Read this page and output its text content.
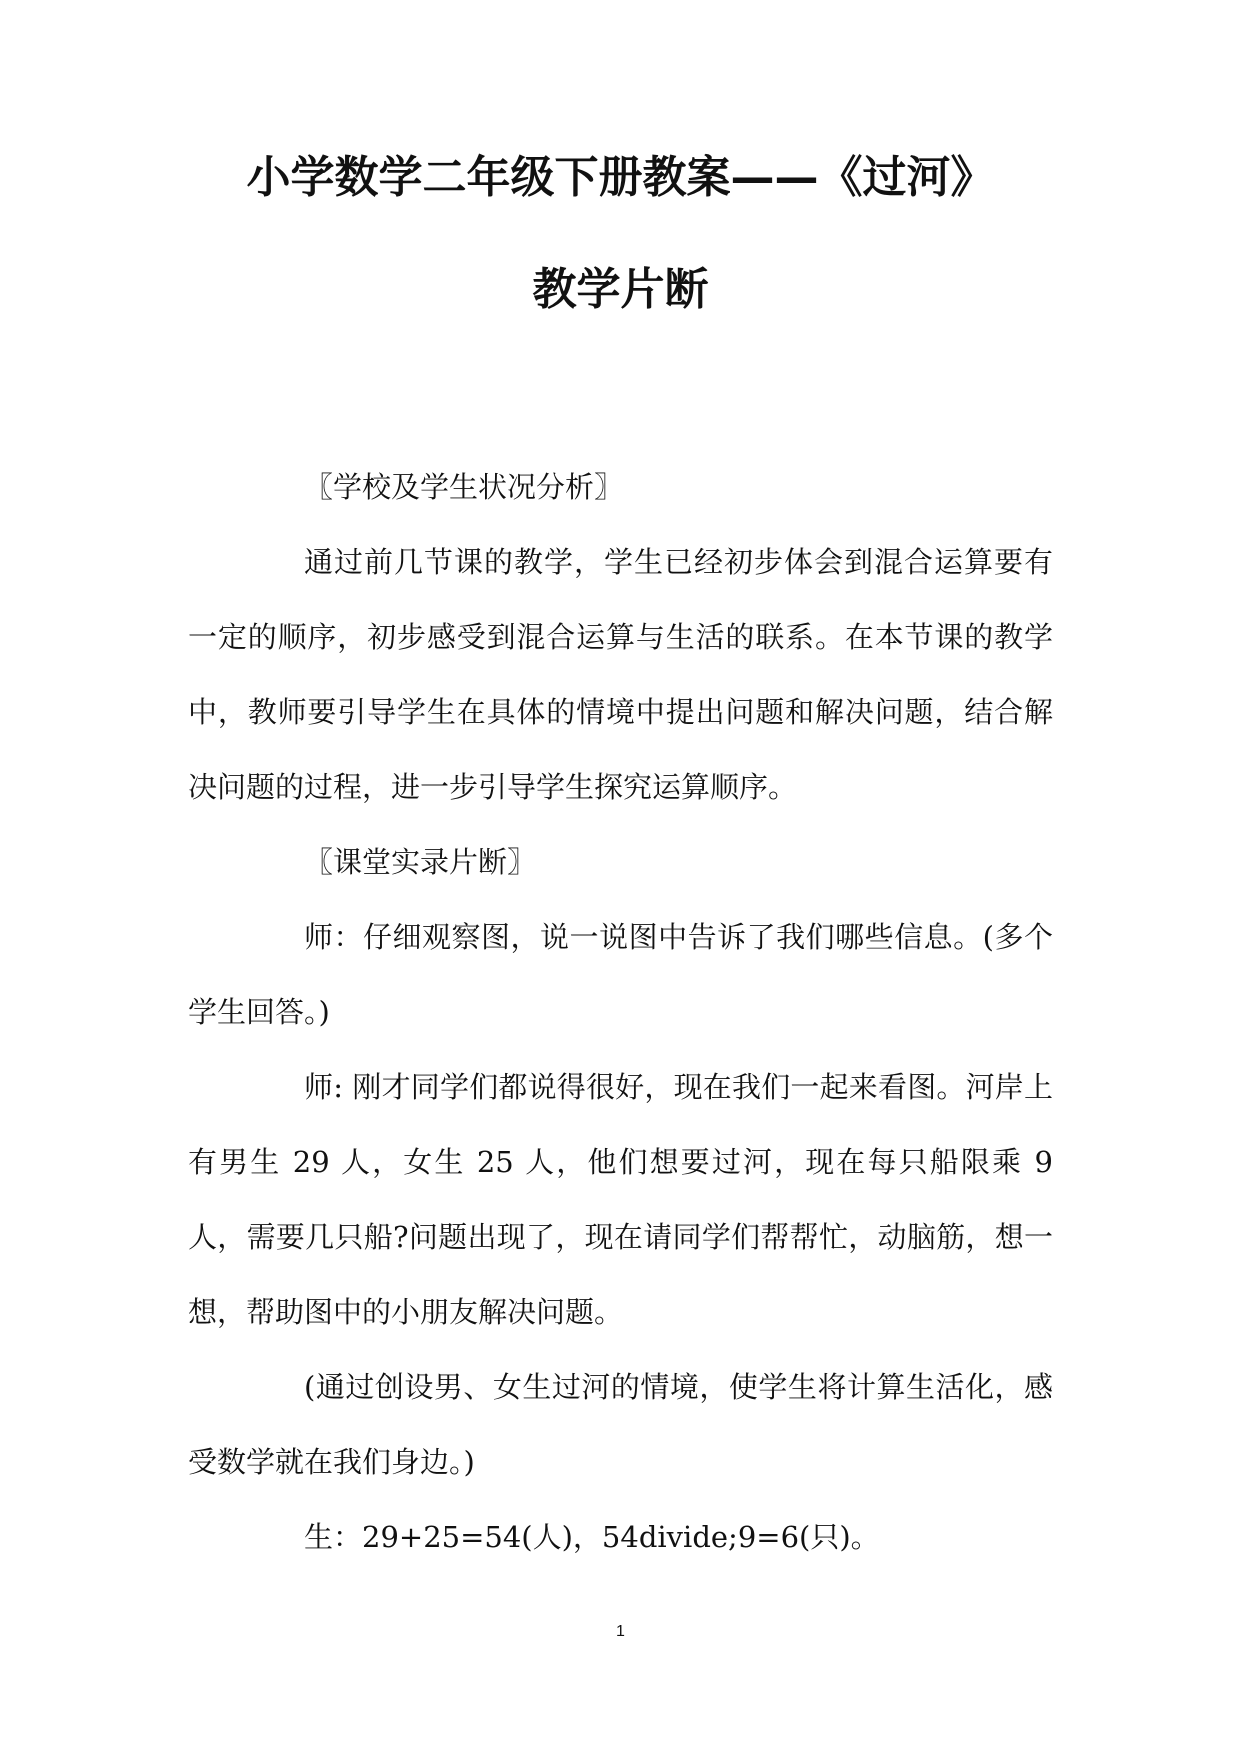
小学数学二年级下册教案——《过河》
教学片断

〖学校及学生状况分析〗

通过前几节课的教学，学生已经初步体会到混合运算要有一定的顺序，初步感受到混合运算与生活的联系。在本节课的教学中，教师要引导学生在具体的情境中提出问题和解决问题，结合解决问题的过程，进一步引导学生探究运算顺序。

〖课堂实录片断〗

师：仔细观察图，说一说图中告诉了我们哪些信息。(多个学生回答。)

师: 刚才同学们都说得很好，现在我们一起来看图。河岸上有男生 29 人，女生 25 人，他们想要过河，现在每只船限乘 9 人，需要几只船?问题出现了，现在请同学们帮帮忙，动脑筋，想一想，帮助图中的小朋友解决问题。

(通过创设男、女生过河的情境，使学生将计算生活化，感受数学就在我们身边。)

生：29+25=54(人)，54divide;9=6(只)。

1
